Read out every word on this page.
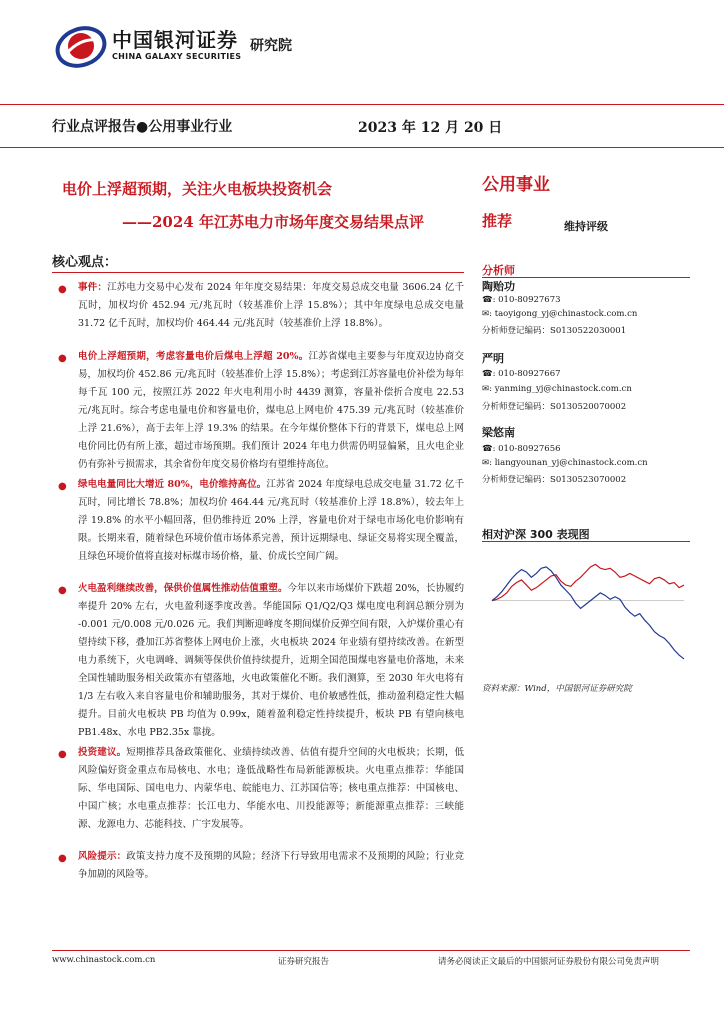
中国银河证券
CHINA GALAXY SECURITIES
研究院
行业点评报告●公用事业行业	2023 年 12 月 20 日
电价上浮超预期，关注火电板块投资机会
——2024 年江苏电力市场年度交易结果点评
公用事业
推荐	维持评级
核心观点：
● 事件：江苏电力交易中心发布 2024 年年度交易结果：年度交易总成交电量 3606.24 亿千瓦时，加权均价 452.94 元/兆瓦时（较基准价上浮 15.8%）；其中年度绿电总成交电量 31.72 亿千瓦时，加权均价 464.44 元/兆瓦时（较基准价上浮 18.8%）。
● 电价上浮超预期，考虑容量电价后煤电上浮超 20%。江苏省煤电主要参与年度双边协商交易，加权均价 452.86 元/兆瓦时（较基准价上浮 15.8%）；考虑到江苏容量电价补偿为每年每千瓦 100 元，按照江苏 2022 年火电利用小时 4439 测算，容量补偿折合度电 22.53 元/兆瓦时。综合考虑电量电价和容量电价，煤电总上网电价 475.39 元/兆瓦时（较基准价上浮 21.6%），高于去年上浮 19.3% 的结果。在今年煤价整体下行的背景下，煤电总上网电价同比仍有所上涨，超过市场预期。我们预计 2024 年电力供需仍明显偏紧，且火电企业仍有弥补亏损需求，其余省份年度交易价格均有望维持高位。
● 绿电电量同比大增近 80%，电价维持高位。江苏省 2024 年度绿电总成交电量 31.72 亿千瓦时，同比增长 78.8%；加权均价 464.44 元/兆瓦时（较基准价上浮 18.8%），较去年上浮 19.8% 的水平小幅回落，但仍维持近 20% 上浮，容量电价对于绿电市场化电价影响有限。长期来看，随着绿色环境价值市场体系完善，预计远期绿电、绿证交易将实现全覆盖，且绿色环境价值将直接对标煤市场价格，量、价成长空间广阔。
● 火电盈利继续改善，保供价值属性推动估值重塑。今年以来市场煤价下跌超 20%，长协履约率提升 20% 左右，火电盈利逐季度改善。华能国际 Q1/Q2/Q3 煤电度电利润总额分别为 -0.001 元/0.008 元/0.026 元。我们判断迎峰度冬期间煤价反弹空间有限，入炉煤价重心有望持续下移，叠加江苏省整体上网电价上涨，火电板块 2024 年业绩有望持续改善。在新型电力系统下，火电调峰、调频等保供价值持续提升，近期全国范围煤电容量电价落地，未来全国性辅助服务相关政策亦有望落地，火电政策催化不断。我们测算，至 2030 年火电将有 1/3 左右收入来自容量电价和辅助服务，其对于煤价、电价敏感性低，推动盈利稳定性大幅提升。目前火电板块 PB 均值为 0.99x，随着盈利稳定性持续提升，板块 PB 有望向核电 PB1.48x、水电 PB2.35x 靠拢。
● 投资建议。短期推荐具备政策催化、业绩持续改善、估值有提升空间的火电板块；长期，低风险偏好资金重点布局核电、水电；逢低战略性布局新能源板块。火电重点推荐：华能国际、华电国际、国电电力、内蒙华电、皖能电力、江苏国信等；核电重点推荐：中国核电、中国广核；水电重点推荐：长江电力、华能水电、川投能源等；新能源重点推荐：三峡能源、龙源电力、芯能科技、广宇发展等。
● 风险提示：政策支持力度不及预期的风险；经济下行导致用电需求不及预期的风险；行业竞争加剧的风险等。
分析师
陶贻功
☎: 010-80927673
✉: taoyigong_yj@chinastock.com.cn
分析师登记编码：S0130522030001
严明
☎: 010-80927667
✉: yanming_yj@chinastock.com.cn
分析师登记编码：S0130520070002
梁悠南
☎: 010-80927656
✉: liangyounan_yj@chinastock.com.cn
分析师登记编码：S0130523070002
相对沪深 300 表现图
资料来源：Wind，中国银河证券研究院
www.chinastock.com.cn	证券研究报告	请务必阅读正文最后的中国银河证券股份有限公司免责声明
